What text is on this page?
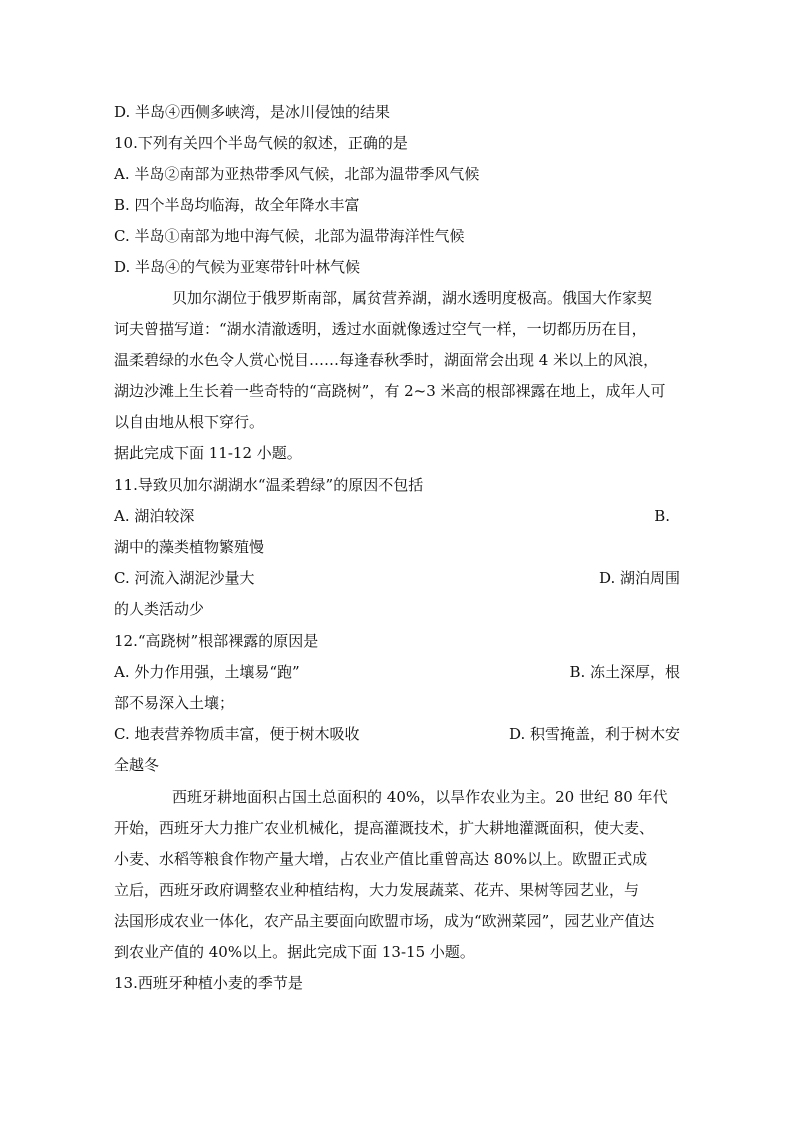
D. 半岛④西侧多峡湾，是冰川侵蚀的结果
10.下列有关四个半岛气候的叙述，正确的是
A. 半岛②南部为亚热带季风气候，北部为温带季风气候
B. 四个半岛均临海，故全年降水丰富
C. 半岛①南部为地中海气候，北部为温带海洋性气候
D. 半岛④的气候为亚寒带针叶林气候
贝加尔湖位于俄罗斯南部，属贫营养湖，湖水透明度极高。俄国大作家契
诃夫曾描写道：“湖水清澈透明，透过水面就像透过空气一样，一切都历历在目，
温柔碧绿的水色令人赏心悦目……每逢春秋季时，湖面常会出现 4 米以上的风浪，
湖边沙滩上生长着一些奇特的“高跷树”，有 2~3 米高的根部裸露在地上，成年人可
以自由地从根下穿行。
据此完成下面 11-12 小题。
11.导致贝加尔湖湖水“温柔碧绿”的原因不包括
A. 湖泊较深	B.
湖中的藻类植物繁殖慢
C. 河流入湖泥沙量大	D. 湖泊周围
的人类活动少
12.“高跷树”根部裸露的原因是
A. 外力作用强，土壤易“跑”	B. 冻土深厚，根
部不易深入土壤；
C. 地表营养物质丰富，便于树木吸收	D. 积雪掩盖，利于树木安
全越冬
西班牙耕地面积占国土总面积的 40%，以旱作农业为主。20 世纪 80 年代
开始，西班牙大力推广农业机械化，提高灌溉技术，扩大耕地灌溉面积，使大麦、
小麦、水稻等粮食作物产量大增，占农业产值比重曾高达 80%以上。欧盟正式成
立后，西班牙政府调整农业种植结构，大力发展蔬菜、花卉、果树等园艺业，与
法国形成农业一体化，农产品主要面向欧盟市场，成为“欧洲菜园”，园艺业产值达
到农业产值的 40%以上。据此完成下面 13-15 小题。
13.西班牙种植小麦的季节是
